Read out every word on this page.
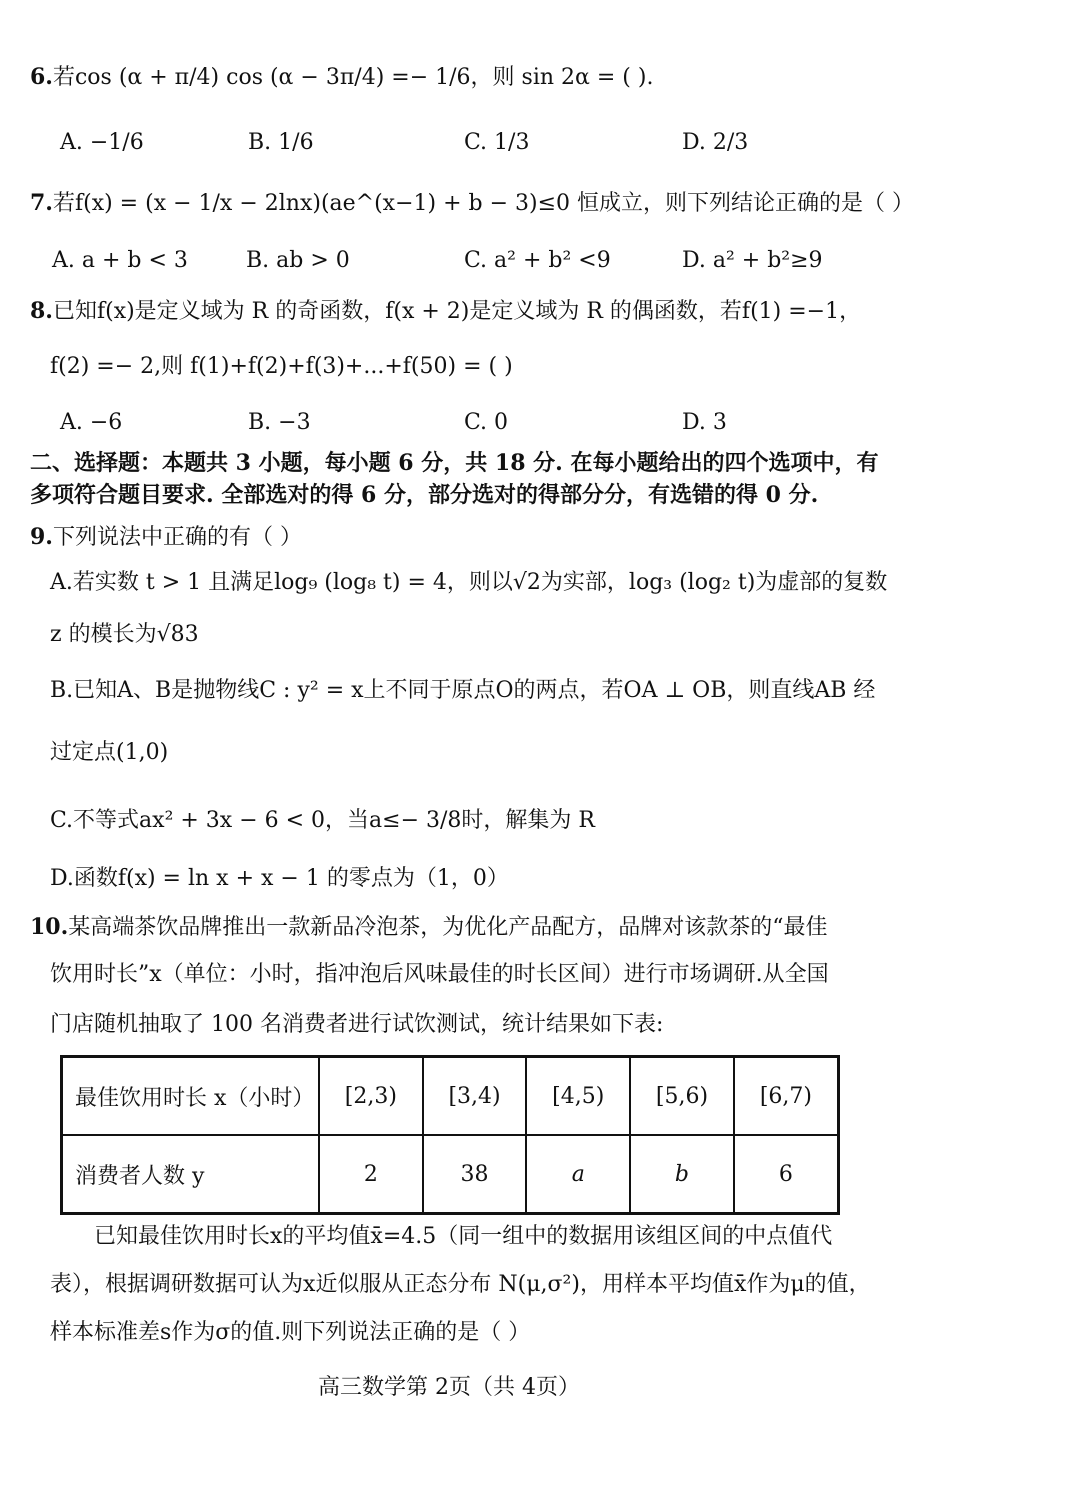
6.若cos (α + π/4) cos (α − 3π/4) =− 1/6，则 sin 2α = ( ).
A. −1/6	B. 1/6	C. 1/3	D. 2/3
7.若f(x) = (x − 1/x − 2lnx)(ae^(x−1) + b − 3)≤0 恒成立，则下列结论正确的是（ ）
A. a + b < 3	B. ab > 0	C. a² + b² <9	D. a² + b²≥9
8.已知f(x)是定义域为 R 的奇函数，f(x + 2)是定义域为 R 的偶函数，若f(1) =−1，
f(2) =− 2,则 f(1)+f(2)+f(3)+...+f(50) = ( )
A. −6	B. −3	C. 0	D. 3
二、选择题：本题共 3 小题，每小题 6 分，共 18 分. 在每小题给出的四个选项中，有
多项符合题目要求. 全部选对的得 6 分，部分选对的得部分分，有选错的得 0 分.
9.下列说法中正确的有（ ）
A.若实数 t > 1 且满足log₉ (log₈ t) = 4，则以√2为实部，log₃ (log₂ t)为虚部的复数
z 的模长为√83
B.已知A、B是抛物线C : y² = x上不同于原点O的两点，若OA ⊥ OB，则直线AB 经
过定点(1,0)
C.不等式ax² + 3x − 6 < 0，当a≤− 3/8时，解集为 R
D.函数f(x) = ln x + x − 1 的零点为（1，0）
10.某高端茶饮品牌推出一款新品冷泡茶，为优化产品配方，品牌对该款茶的“最佳
饮用时长”x（单位：小时，指冲泡后风味最佳的时长区间）进行市场调研.从全国
门店随机抽取了 100 名消费者进行试饮测试，统计结果如下表:
最佳饮用时长 x（小时）	[2,3)	[3,4)	[4,5)	[5,6)	[6,7)
消费者人数 y	2	38	a	b	6
已知最佳饮用时长x的平均值x̄=4.5（同一组中的数据用该组区间的中点值代
表），根据调研数据可认为x近似服从正态分布 N(μ,σ²)，用样本平均值x̄作为μ的值，
样本标准差s作为σ的值.则下列说法正确的是（ ）
高三数学第 2页（共 4页）
